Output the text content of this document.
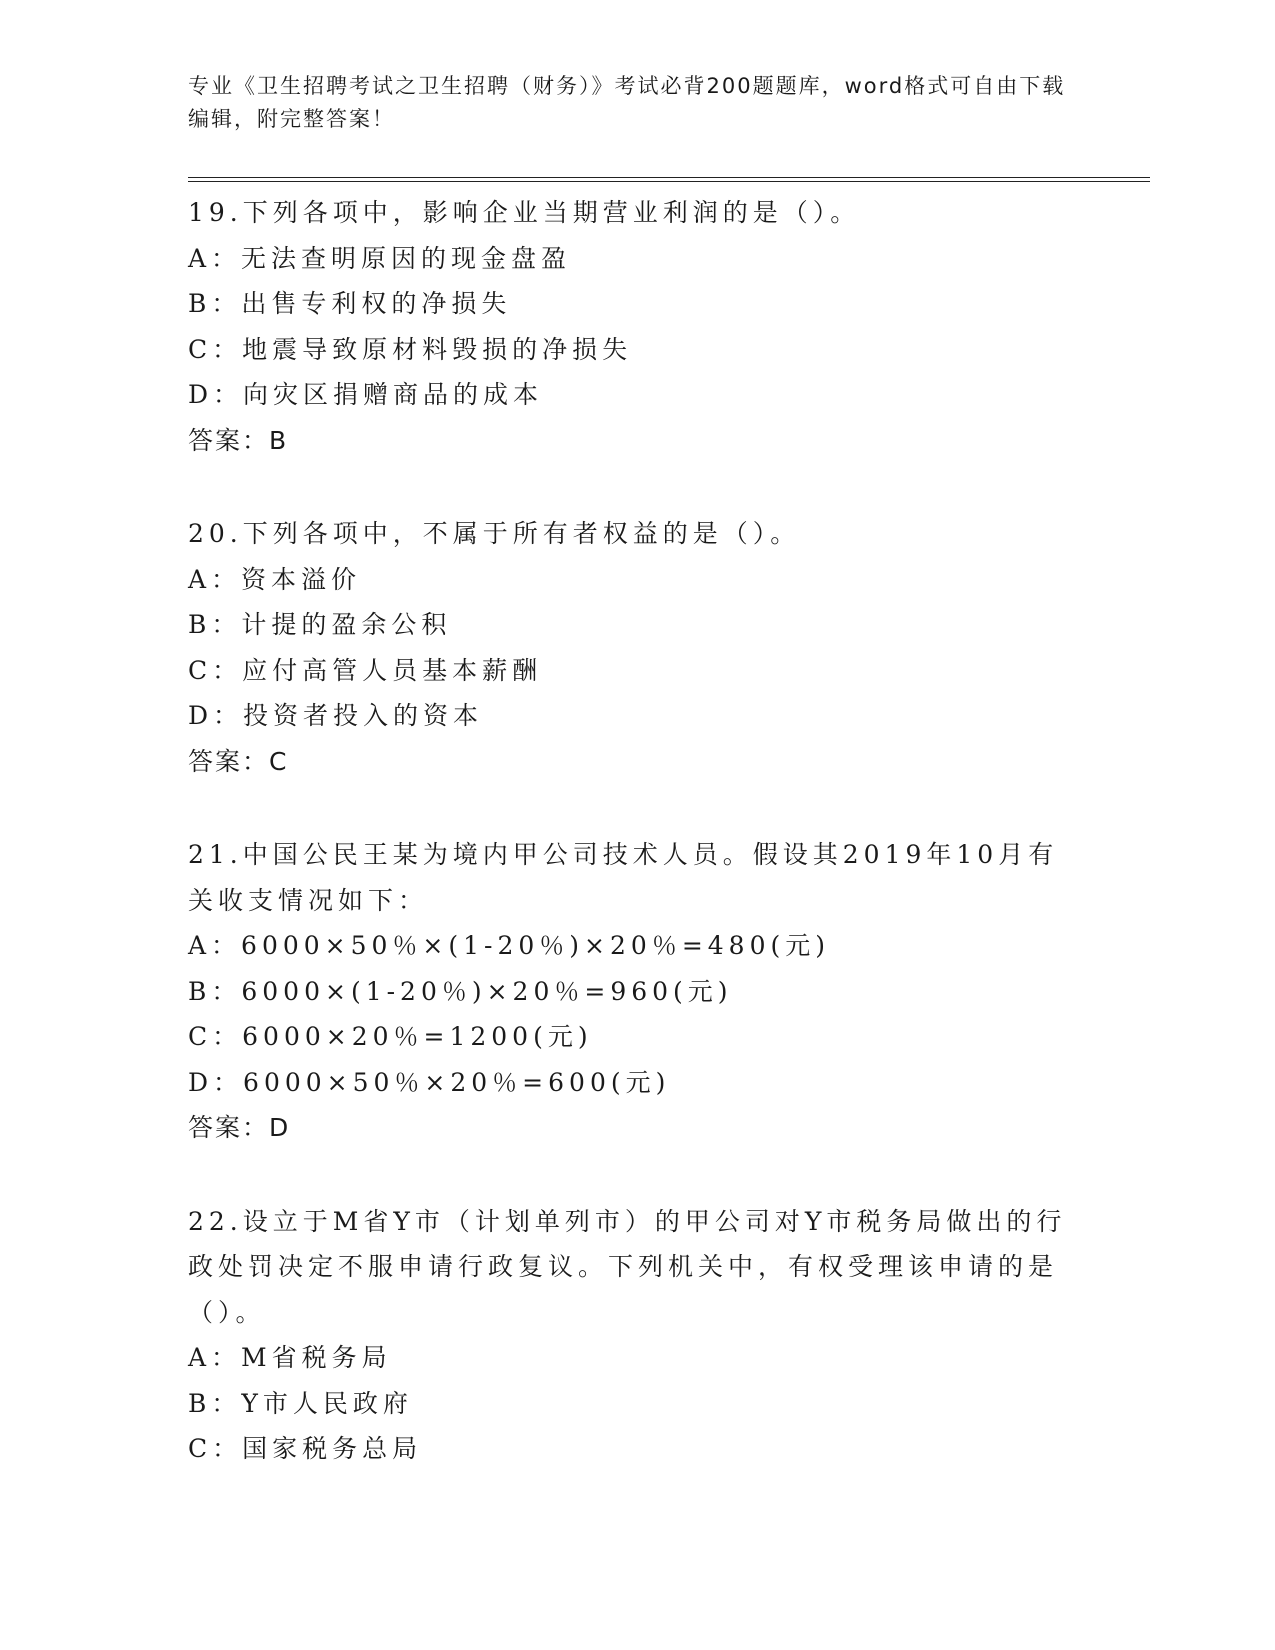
专业《卫生招聘考试之卫生招聘（财务）》考试必背200题题库，word格式可自由下载编辑，附完整答案！
19.下列各项中，影响企业当期营业利润的是（）。
A：无法查明原因的现金盘盈
B：出售专利权的净损失
C：地震导致原材料毁损的净损失
D：向灾区捐赠商品的成本
答案：B
20.下列各项中，不属于所有者权益的是（）。
A：资本溢价
B：计提的盈余公积
C：应付高管人员基本薪酬
D：投资者投入的资本
答案：C
21.中国公民王某为境内甲公司技术人员。假设其2019年10月有关收支情况如下：
A：6000×50％×(1-20％)×20％=480(元)
B：6000×(1-20％)×20％=960(元)
C：6000×20％=1200(元)
D：6000×50％×20％=600(元)
答案：D
22.设立于M省Y市（计划单列市）的甲公司对Y市税务局做出的行政处罚决定不服申请行政复议。下列机关中，有权受理该申请的是（）。
A：M省税务局
B：Y市人民政府
C：国家税务总局
